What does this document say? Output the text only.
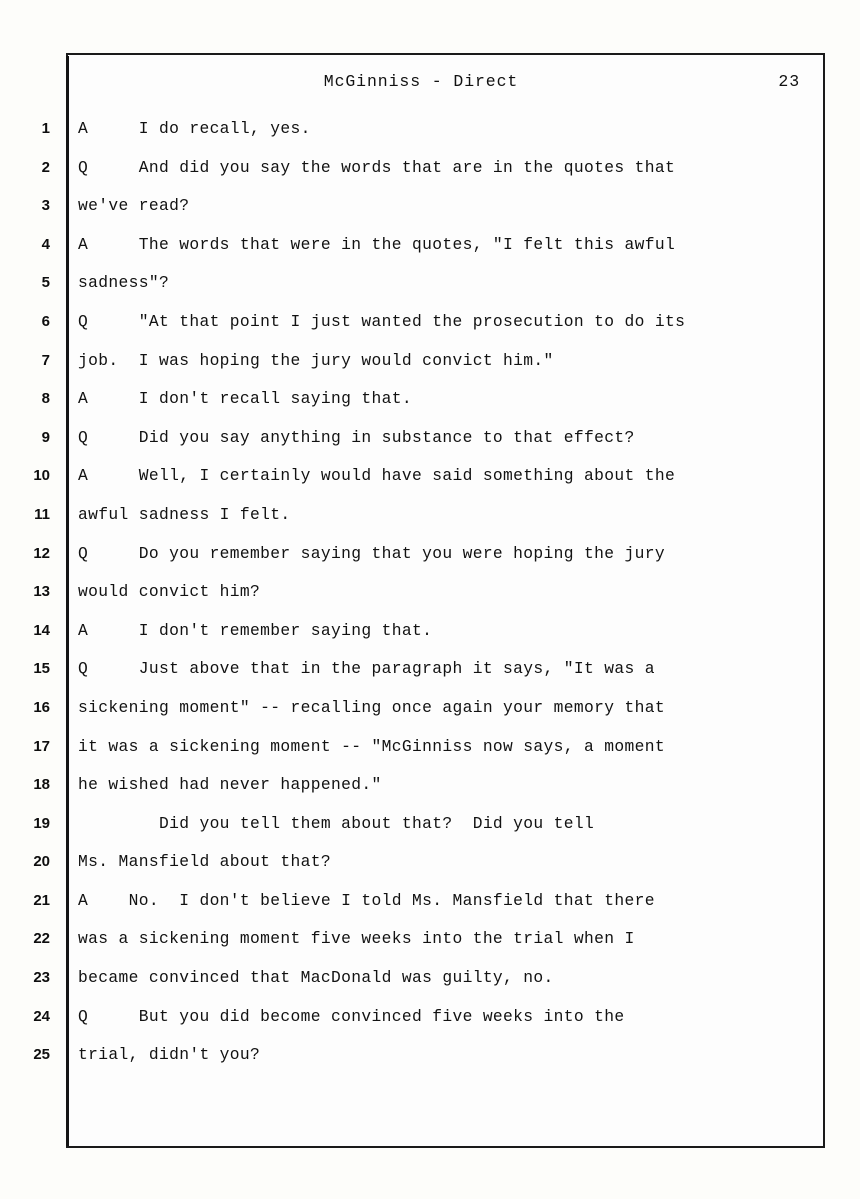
McGinniss - Direct	23
1
2
3
4
5
6
7
8
9
10
11
12
13
14
15
16
17
18
19
20
21
22
23
24
25
A     I do recall, yes.
Q     And did you say the words that are in the quotes that
we've read?
A     The words that were in the quotes, "I felt this awful
sadness"?
Q     "At that point I just wanted the prosecution to do its
job.  I was hoping the jury would convict him."
A     I don't recall saying that.
Q     Did you say anything in substance to that effect?
A     Well, I certainly would have said something about the
awful sadness I felt.
Q     Do you remember saying that you were hoping the jury
would convict him?
A     I don't remember saying that.
Q     Just above that in the paragraph it says, "It was a
sickening moment" -- recalling once again your memory that
it was a sickening moment -- "McGinniss now says, a moment
he wished had never happened."
Did you tell them about that?  Did you tell
Ms. Mansfield about that?
A    No.  I don't believe I told Ms. Mansfield that there
was a sickening moment five weeks into the trial when I
became convinced that MacDonald was guilty, no.
Q     But you did become convinced five weeks into the
trial, didn't you?
